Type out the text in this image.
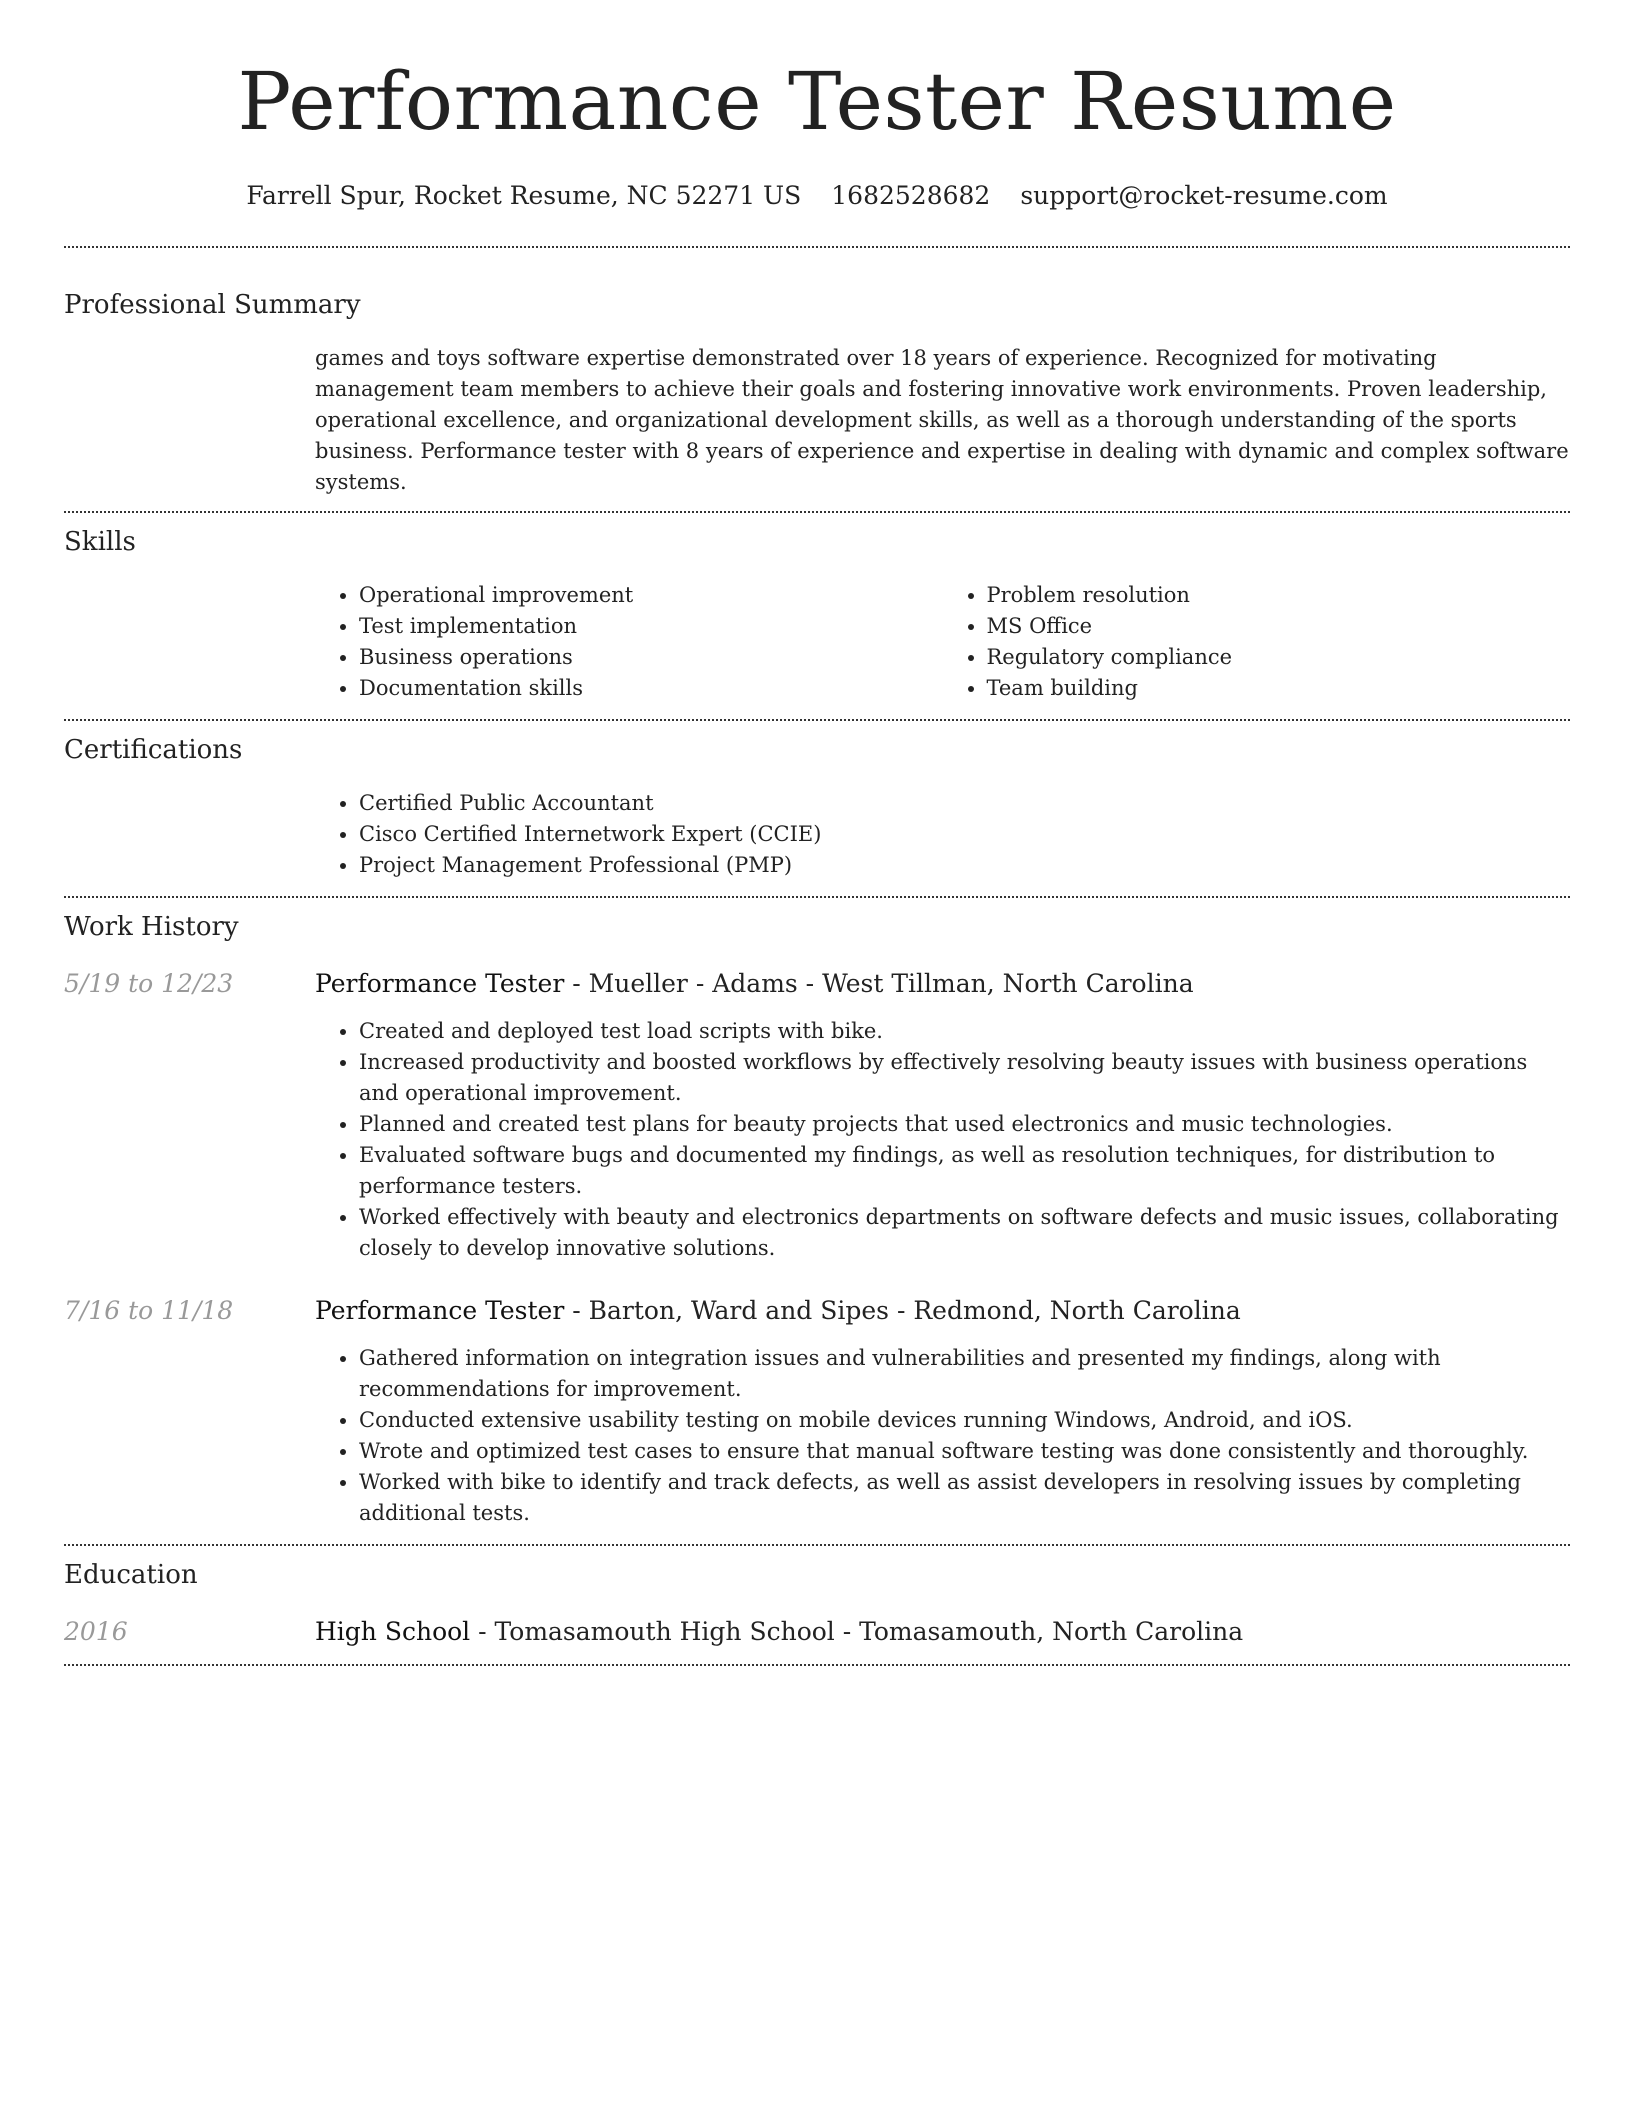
Performance Tester Resume
Farrell Spur, Rocket Resume, NC 52271 US 1682528682 support@rocket-resume.com
Professional Summary
games and toys software expertise demonstrated over 18 years of experience. Recognized for motivating management team members to achieve their goals and fostering innovative work environments. Proven leadership, operational excellence, and organizational development skills, as well as a thorough understanding of the sports business. Performance tester with 8 years of experience and expertise in dealing with dynamic and complex software systems.
Skills
• Operational improvement
• Test implementation
• Business operations
• Documentation skills
• Problem resolution
• MS Office
• Regulatory compliance
• Team building
Certifications
• Certified Public Accountant
• Cisco Certified Internetwork Expert (CCIE)
• Project Management Professional (PMP)
Work History
5/19 to 12/23	Performance Tester - Mueller - Adams - West Tillman, North Carolina
• Created and deployed test load scripts with bike.
• Increased productivity and boosted workflows by effectively resolving beauty issues with business operations and operational improvement.
• Planned and created test plans for beauty projects that used electronics and music technologies.
• Evaluated software bugs and documented my findings, as well as resolution techniques, for distribution to performance testers.
• Worked effectively with beauty and electronics departments on software defects and music issues, collaborating closely to develop innovative solutions.
7/16 to 11/18	Performance Tester - Barton, Ward and Sipes - Redmond, North Carolina
• Gathered information on integration issues and vulnerabilities and presented my findings, along with recommendations for improvement.
• Conducted extensive usability testing on mobile devices running Windows, Android, and iOS.
• Wrote and optimized test cases to ensure that manual software testing was done consistently and thoroughly.
• Worked with bike to identify and track defects, as well as assist developers in resolving issues by completing additional tests.
Education
2016	High School - Tomasamouth High School - Tomasamouth, North Carolina
